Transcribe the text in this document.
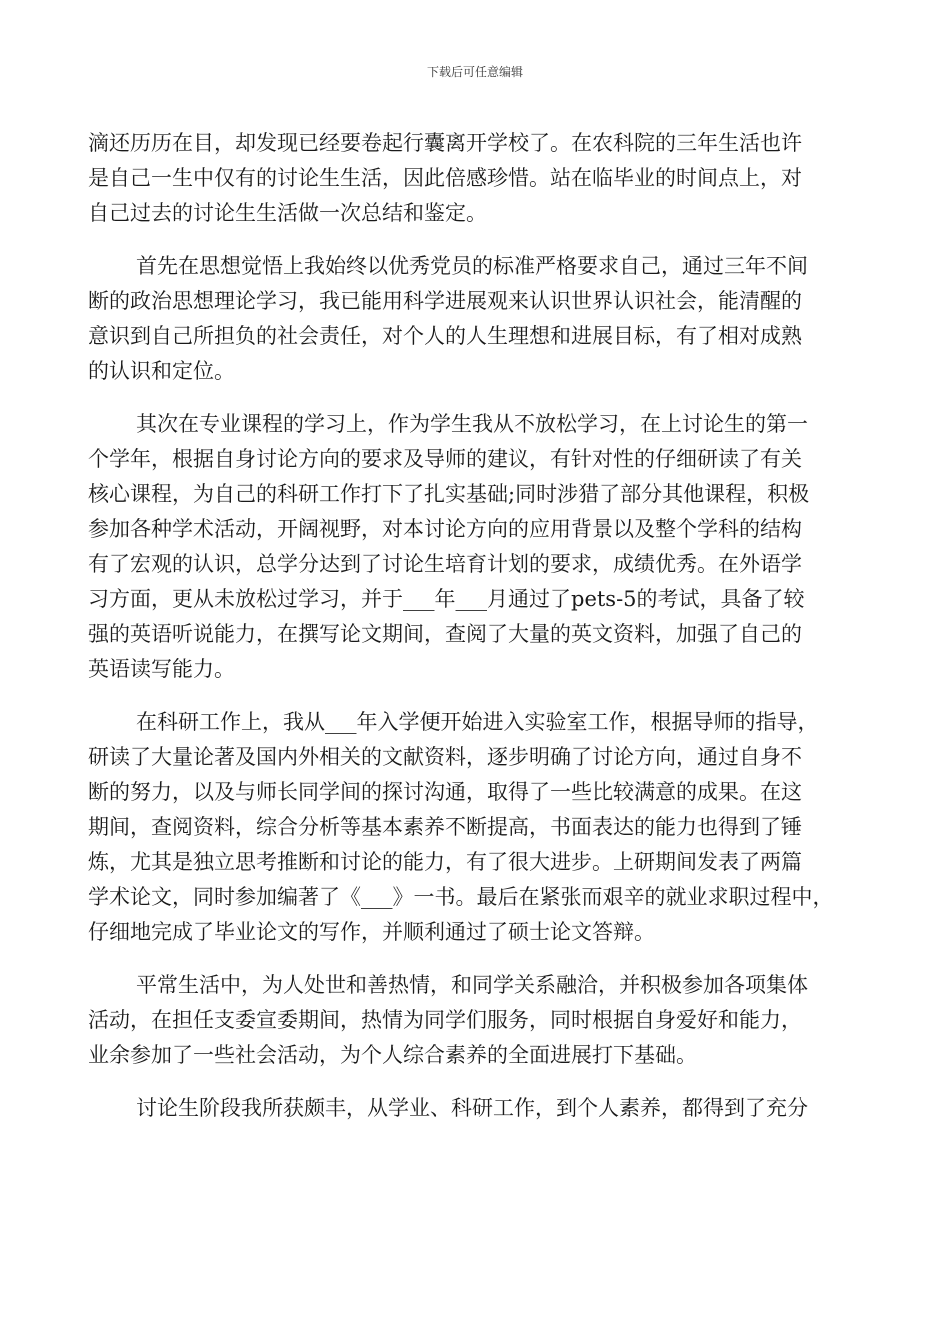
下载后可任意编辑
滴还历历在目，却发现已经要卷起行囊离开学校了。在农科院的三年生活也许
是自己一生中仅有的讨论生生活，因此倍感珍惜。站在临毕业的时间点上，对
自己过去的讨论生生活做一次总结和鉴定。
首先在思想觉悟上我始终以优秀党员的标准严格要求自己，通过三年不间
断的政治思想理论学习，我已能用科学进展观来认识世界认识社会，能清醒的
意识到自己所担负的社会责任，对个人的人生理想和进展目标，有了相对成熟
的认识和定位。
其次在专业课程的学习上，作为学生我从不放松学习，在上讨论生的第一
个学年，根据自身讨论方向的要求及导师的建议，有针对性的仔细研读了有关
核心课程，为自己的科研工作打下了扎实基础;同时涉猎了部分其他课程，积极
参加各种学术活动，开阔视野，对本讨论方向的应用背景以及整个学科的结构
有了宏观的认识，总学分达到了讨论生培育计划的要求，成绩优秀。在外语学
习方面，更从未放松过学习，并于___年___月通过了pets-5的考试，具备了较
强的英语听说能力，在撰写论文期间，查阅了大量的英文资料，加强了自己的
英语读写能力。
在科研工作上，我从___年入学便开始进入实验室工作，根据导师的指导，
研读了大量论著及国内外相关的文献资料，逐步明确了讨论方向，通过自身不
断的努力，以及与师长同学间的探讨沟通，取得了一些比较满意的成果。在这
期间，查阅资料，综合分析等基本素养不断提高，书面表达的能力也得到了锤
炼，尤其是独立思考推断和讨论的能力，有了很大进步。上研期间发表了两篇
学术论文，同时参加编著了《___》一书。最后在紧张而艰辛的就业求职过程中，
仔细地完成了毕业论文的写作，并顺利通过了硕士论文答辩。
平常生活中，为人处世和善热情，和同学关系融洽，并积极参加各项集体
活动，在担任支委宣委期间，热情为同学们服务，同时根据自身爱好和能力，
业余参加了一些社会活动，为个人综合素养的全面进展打下基础。
讨论生阶段我所获颇丰，从学业、科研工作，到个人素养，都得到了充分
